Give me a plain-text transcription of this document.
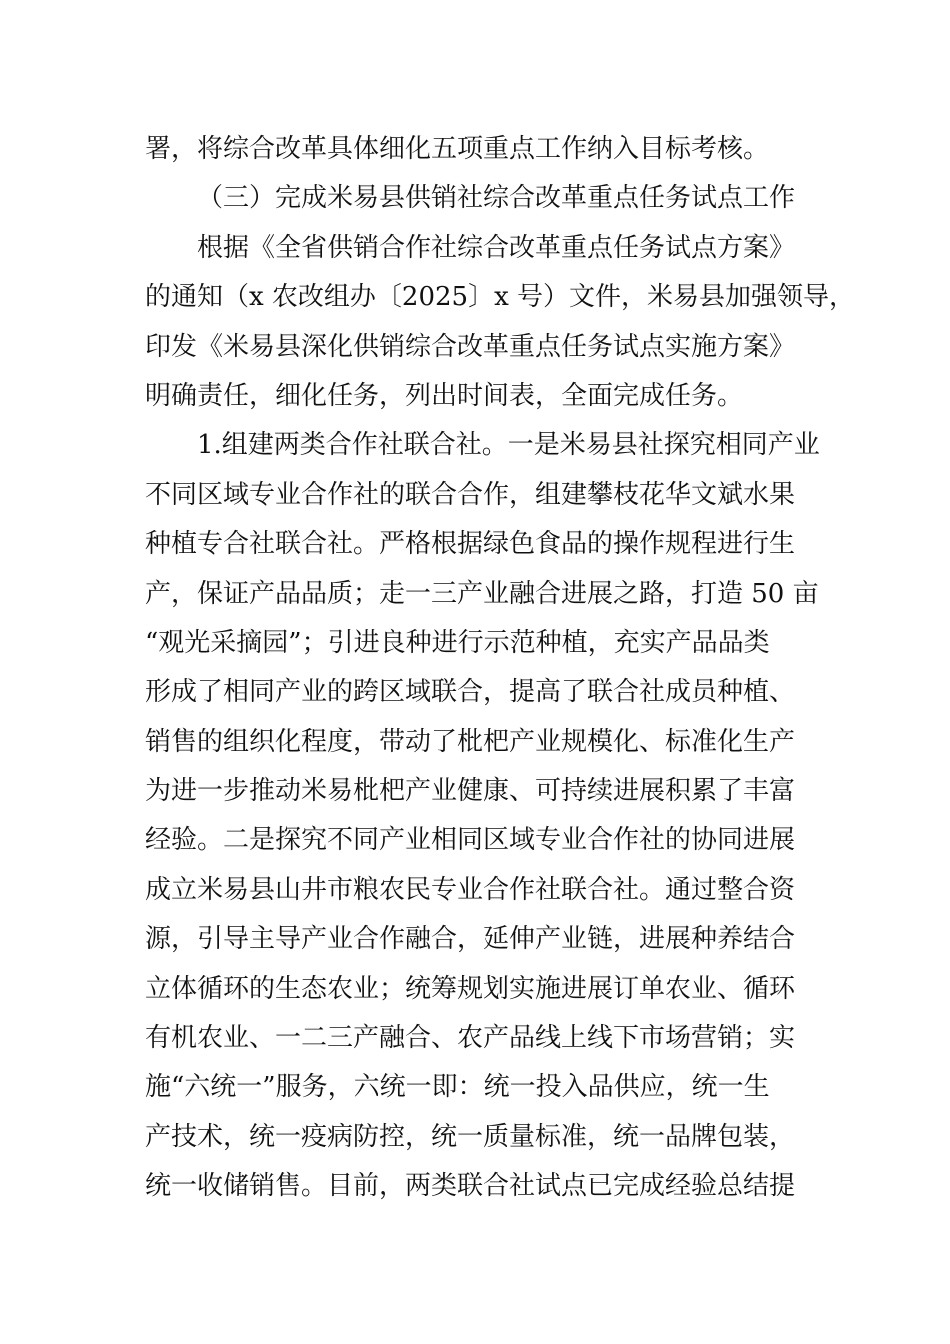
署，将综合改革具体细化五项重点工作纳入目标考核。
（三）完成米易县供销社综合改革重点任务试点工作
根据《全省供销合作社综合改革重点任务试点方案》
的通知（x 农改组办〔2025〕x 号）文件，米易县加强领导，
印发《米易县深化供销综合改革重点任务试点实施方案》
明确责任，细化任务，列出时间表，全面完成任务。
1.组建两类合作社联合社。一是米易县社探究相同产业
不同区域专业合作社的联合合作，组建攀枝花华文斌水果
种植专合社联合社。严格根据绿色食品的操作规程进行生
产，保证产品品质；走一三产业融合进展之路，打造 50 亩
“观光采摘园”；引进良种进行示范种植，充实产品品类
形成了相同产业的跨区域联合，提高了联合社成员种植、
销售的组织化程度，带动了枇杷产业规模化、标准化生产
为进一步推动米易枇杷产业健康、可持续进展积累了丰富
经验。二是探究不同产业相同区域专业合作社的协同进展
成立米易县山井市粮农民专业合作社联合社。通过整合资
源，引导主导产业合作融合，延伸产业链，进展种养结合
立体循环的生态农业；统筹规划实施进展订单农业、循环
有机农业、一二三产融合、农产品线上线下市场营销；实
施“六统一”服务，六统一即：统一投入品供应，统一生
产技术，统一疫病防控，统一质量标准，统一品牌包装，
统一收储销售。目前，两类联合社试点已完成经验总结提
